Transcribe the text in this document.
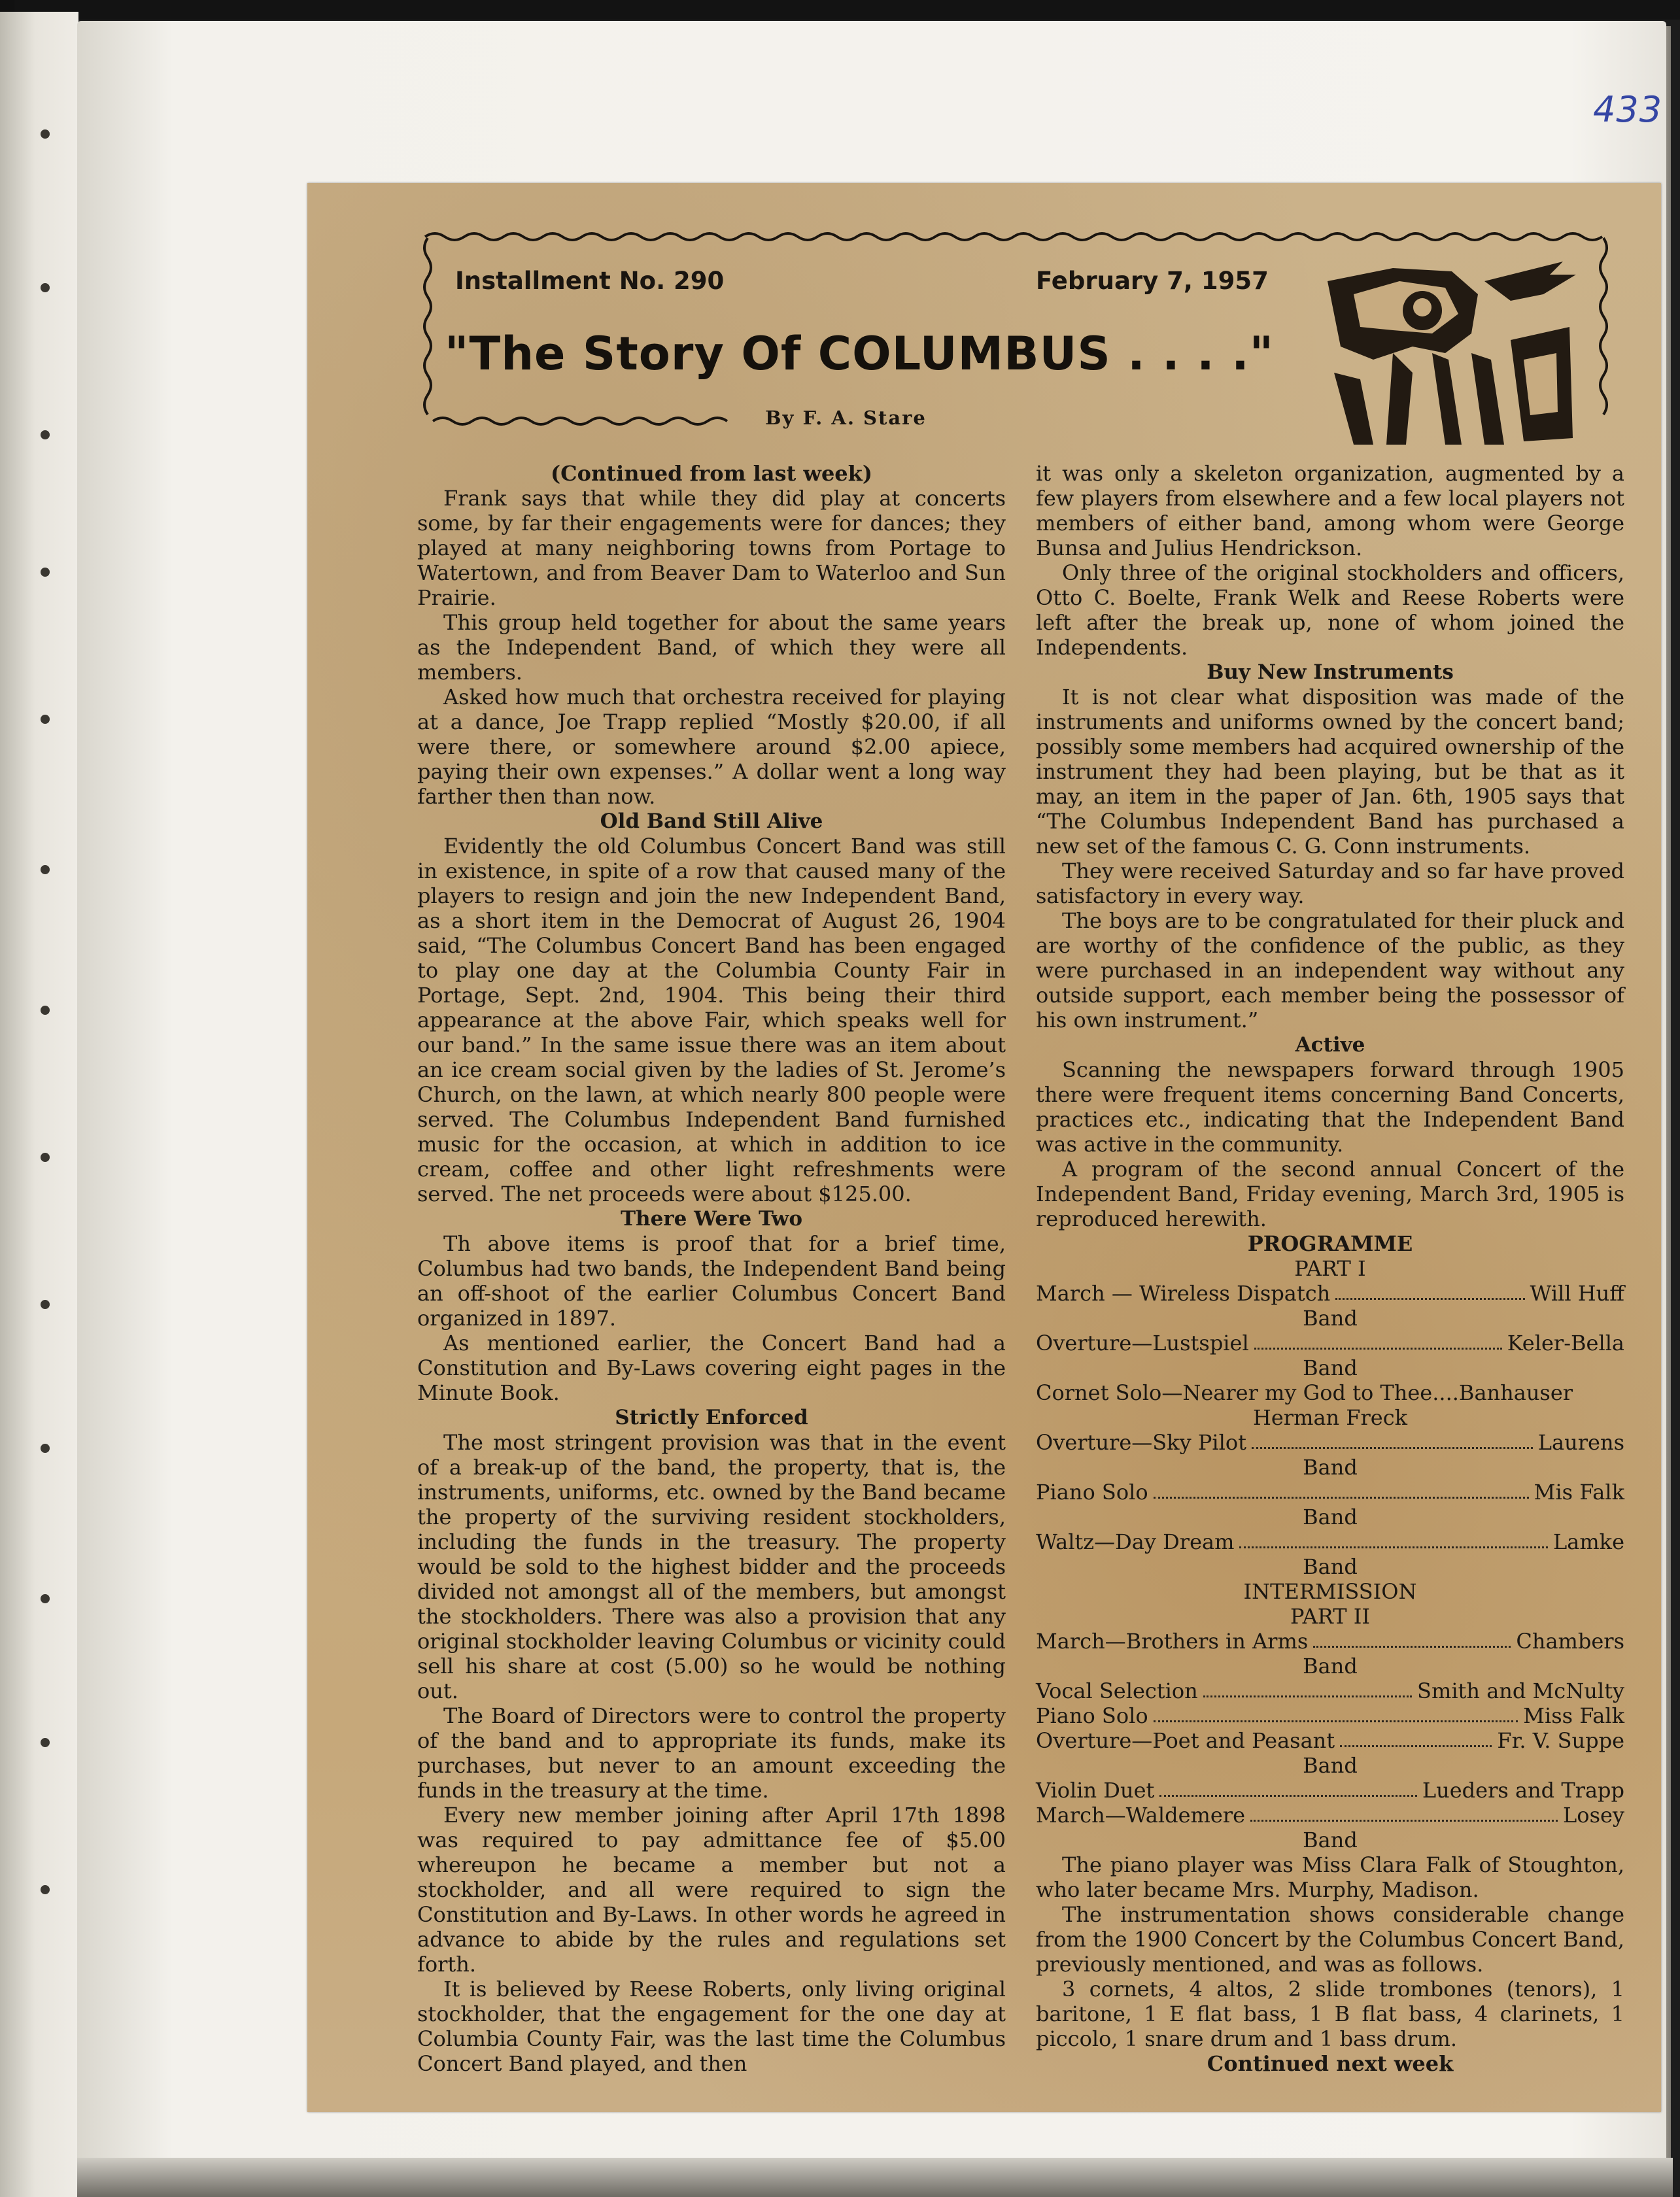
433
Installment No. 290	February 7, 1957
"The Story Of COLUMBUS . . . ."
By F. A. Stare

(Continued from last week)

Frank says that while they did play at concerts some, by far their engagements were for dances; they played at many neighboring towns from Portage to Watertown, and from Beaver Dam to Waterloo and Sun Prairie.

This group held together for about the same years as the Independent Band, of which they were all members.

Asked how much that orchestra received for playing at a dance, Joe Trapp replied “Mostly $20.00, if all were there, or somewhere around $2.00 apiece, paying their own expenses.” A dollar went a long way farther then than now.

Old Band Still Alive

Evidently the old Columbus Concert Band was still in existence, in spite of a row that caused many of the players to resign and join the new Independent Band, as a short item in the Democrat of August 26, 1904 said, “The Columbus Concert Band has been engaged to play one day at the Columbia County Fair in Portage, Sept. 2nd, 1904. This being their third appearance at the above Fair, which speaks well for our band.” In the same issue there was an item about an ice cream social given by the ladies of St. Jerome’s Church, on the lawn, at which nearly 800 people were served. The Columbus Independent Band furnished music for the occasion, at which in addition to ice cream, coffee and other light refreshments were served. The net proceeds were about $125.00.

There Were Two

Th above items is proof that for a brief time, Columbus had two bands, the Independent Band being an off-shoot of the earlier Columbus Concert Band organized in 1897.

As mentioned earlier, the Concert Band had a Constitution and By-Laws covering eight pages in the Minute Book.

Strictly Enforced

The most stringent provision was that in the event of a break-up of the band, the property, that is, the instruments, uniforms, etc. owned by the Band became the property of the surviving resident stockholders, including the funds in the treasury. The property would be sold to the highest bidder and the proceeds divided not amongst all of the members, but amongst the stockholders. There was also a provision that any original stockholder leaving Columbus or vicinity could sell his share at cost (5.00) so he would be nothing out.

The Board of Directors were to control the property of the band and to appropriate its funds, make its purchases, but never to an amount exceeding the funds in the treasury at the time.

Every new member joining after April 17th 1898 was required to pay admittance fee of $5.00 whereupon he became a member but not a stockholder, and all were required to sign the Constitution and By-Laws. In other words he agreed in advance to abide by the rules and regulations set forth.

It is believed by Reese Roberts, only living original stockholder, that the engagement for the one day at Columbia County Fair, was the last time the Columbus Concert Band played, and then

it was only a skeleton organization, augmented by a few players from elsewhere and a few local players not members of either band, among whom were George Bunsa and Julius Hendrickson.

Only three of the original stockholders and officers, Otto C. Boelte, Frank Welk and Reese Roberts were left after the break up, none of whom joined the Independents.

Buy New Instruments

It is not clear what disposition was made of the instruments and uniforms owned by the concert band; possibly some members had acquired ownership of the instrument they had been playing, but be that as it may, an item in the paper of Jan. 6th, 1905 says that “The Columbus Independent Band has purchased a new set of the famous C. G. Conn instruments.

They were received Saturday and so far have proved satisfactory in every way.

The boys are to be congratulated for their pluck and are worthy of the confidence of the public, as they were purchased in an independent way without any outside support, each member being the possessor of his own instrument.”

Active

Scanning the newspapers forward through 1905 there were frequent items concerning Band Concerts, practices etc., indicating that the Independent Band was active in the community.

A program of the second annual Concert of the Independent Band, Friday evening, March 3rd, 1905 is reproduced herewith.

PROGRAMME
PART I
March — Wireless Dispatch	Will Huff
Band
Overture—Lustspiel	Keler-Bella
Band
Cornet Solo—Nearer my God to Thee....Banhauser
Herman Freck
Overture—Sky Pilot	Laurens
Band
Piano Solo	Mis Falk
Band
Waltz—Day Dream	Lamke
Band
INTERMISSION
PART II
March—Brothers in Arms	Chambers
Band
Vocal Selection	Smith and McNulty
Piano Solo	Miss Falk
Overture—Poet and Peasant	Fr. V. Suppe
Band
Violin Duet	Lueders and Trapp
March—Waldemere	Losey
Band

The piano player was Miss Clara Falk of Stoughton, who later became Mrs. Murphy, Madison.

The instrumentation shows considerable change from the 1900 Concert by the Columbus Concert Band, previously mentioned, and was as follows.

3 cornets, 4 altos, 2 slide trombones (tenors), 1 baritone, 1 E flat bass, 1 B flat bass, 4 clarinets, 1 piccolo, 1 snare drum and 1 bass drum.

Continued next week
